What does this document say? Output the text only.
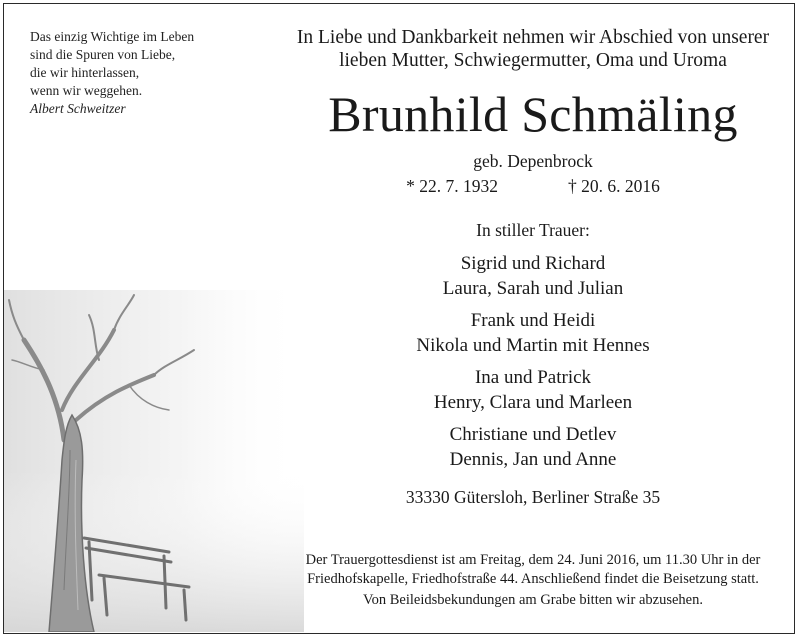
Das einzig Wichtige im Leben
sind die Spuren von Liebe,
die wir hinterlassen,
wenn wir weggehen.
Albert Schweitzer
In Liebe und Dankbarkeit nehmen wir Abschied von unserer
lieben Mutter, Schwiegermutter, Oma und Uroma
Brunhild Schmäling
geb. Depenbrock
* 22. 7. 1932	† 20. 6. 2016
In stiller Trauer:
Sigrid und Richard
Laura, Sarah und Julian
Frank und Heidi
Nikola und Martin mit Hennes
Ina und Patrick
Henry, Clara und Marleen
Christiane und Detlev
Dennis, Jan und Anne
33330 Gütersloh, Berliner Straße 35
Der Trauergottesdienst ist am Freitag, dem 24. Juni 2016, um 11.30 Uhr in der
Friedhofskapelle, Friedhofstraße 44. Anschließend findet die Beisetzung statt.
Von Beileidsbekundungen am Grabe bitten wir abzusehen.
